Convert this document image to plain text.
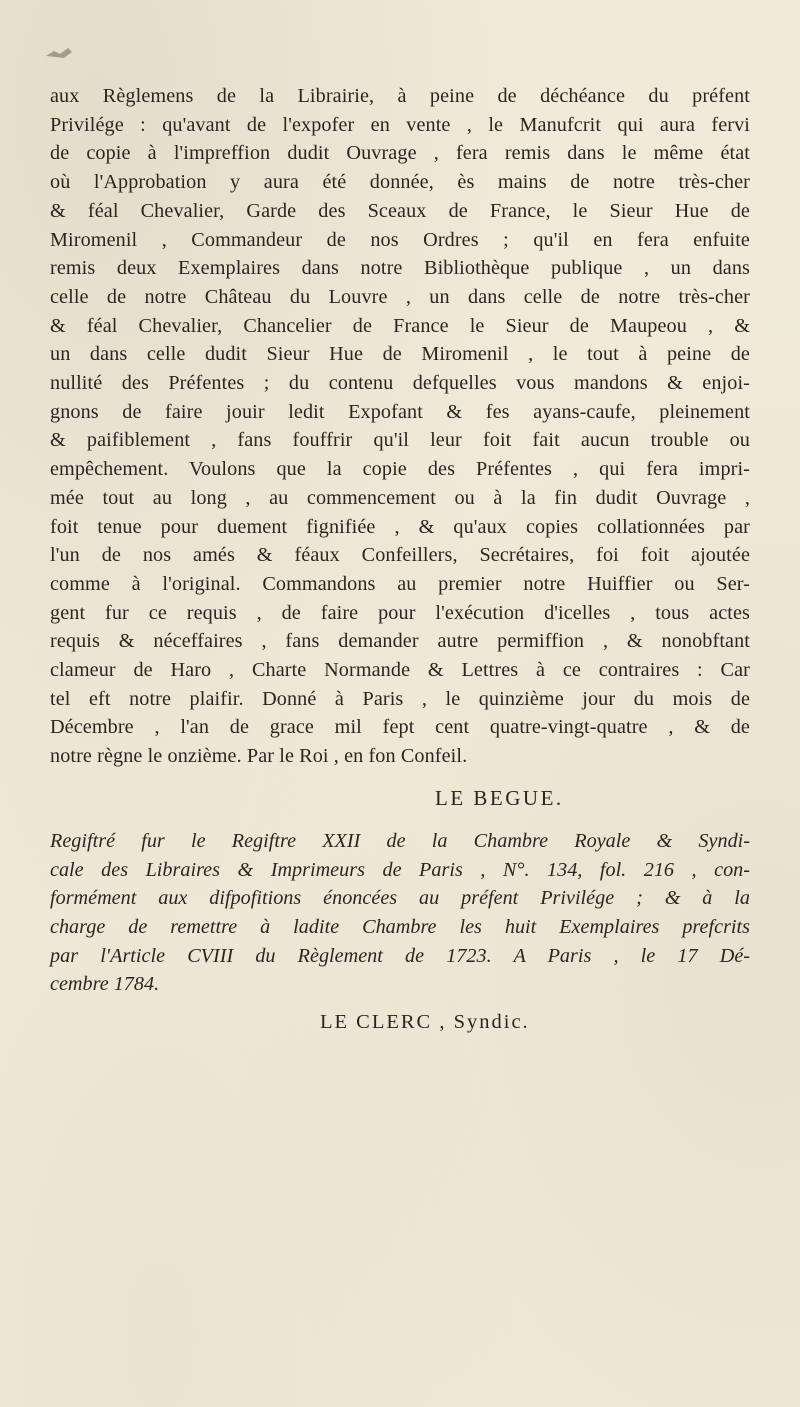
aux Règlemens de la Librairie, à peine de déchéance du préfent
Privilége : qu'avant de l'expofer en vente , le Manufcrit qui aura fervi
de copie à l'impreffion dudit Ouvrage , fera remis dans le même état
où l'Approbation y aura été donnée, ès mains de notre très-cher
& féal Chevalier, Garde des Sceaux de France, le Sieur Hue de
Miromenil , Commandeur de nos Ordres ; qu'il en fera enfuite
remis deux Exemplaires dans notre Bibliothèque publique , un dans
celle de notre Château du Louvre , un dans celle de notre très-cher
& féal Chevalier, Chancelier de France le Sieur de Maupeou , &
un dans celle dudit Sieur Hue de Miromenil , le tout à peine de
nullité des Préfentes ; du contenu defquelles vous mandons & enjoi-
gnons de faire jouir ledit Expofant & fes ayans-caufe, pleinement
& paifiblement , fans fouffrir qu'il leur foit fait aucun trouble ou
empêchement. Voulons que la copie des Préfentes , qui fera impri-
mée tout au long , au commencement ou à la fin dudit Ouvrage ,
foit tenue pour duement fignifiée , & qu'aux copies collationnées par
l'un de nos amés & féaux Confeillers, Secrétaires, foi foit ajoutée
comme à l'original. Commandons au premier notre Huiffier ou Ser-
gent fur ce requis , de faire pour l'exécution d'icelles , tous actes
requis & néceffaires , fans demander autre permiffion , & nonobftant
clameur de Haro , Charte Normande & Lettres à ce contraires : Car
tel eft notre plaifir. Donné à Paris , le quinzième jour du mois de
Décembre , l'an de grace mil fept cent quatre-vingt-quatre , & de
notre règne le onzième. Par le Roi , en fon Confeil.

LE BEGUE.

Regiftré fur le Regiftre XXII de la Chambre Royale & Syndi-
cale des Libraires & Imprimeurs de Paris , N°. 134, fol. 216 , con-
formément aux difpofitions énoncées au préfent Privilége ; & à la
charge de remettre à ladite Chambre les huit Exemplaires prefcrits
par l'Article CVIII du Règlement de 1723. A Paris , le 17 Dé-
cembre 1784.

LE CLERC , Syndic.
